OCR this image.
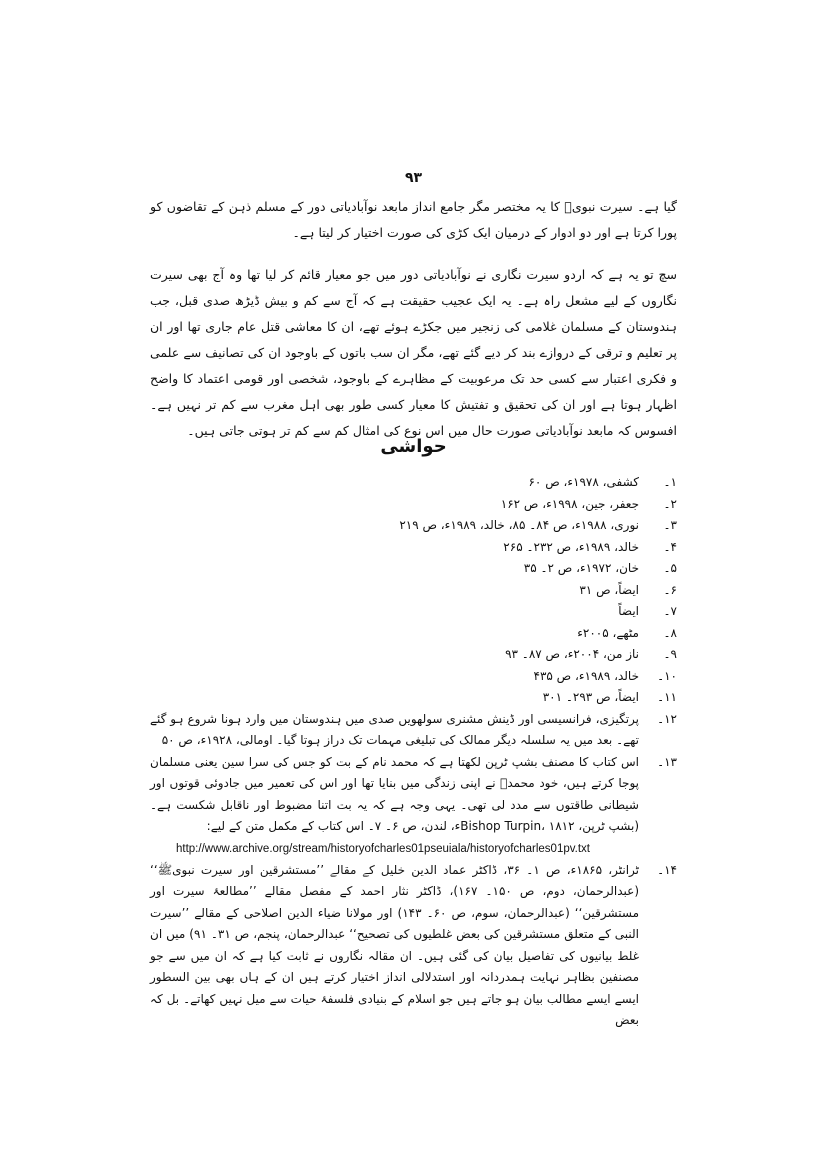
۹۳

گیا ہے۔ سیرت نبویؐ کا یہ مختصر مگر جامع انداز مابعد نوآبادیاتی دور کے مسلم ذہن کے تقاضوں کو پورا کرتا ہے اور دو ادوار کے درمیان ایک کڑی کی صورت اختیار کر لیتا ہے۔

سچ تو یہ ہے کہ اردو سیرت نگاری نے نوآبادیاتی دور میں جو معیار قائم کر لیا تھا وہ آج بھی سیرت نگاروں کے لیے مشعل راہ ہے۔ یہ ایک عجیب حقیقت ہے کہ آج سے کم و بیش ڈیڑھ صدی قبل، جب ہندوستان کے مسلمان غلامی کی زنجیر میں جکڑے ہوئے تھے، ان کا معاشی قتل عام جاری تھا اور ان پر تعلیم و ترقی کے دروازے بند کر دیے گئے تھے، مگر ان سب باتوں کے باوجود ان کی تصانیف سے علمی و فکری اعتبار سے کسی حد تک مرعوبیت کے مظاہرے کے باوجود، شخصی اور قومی اعتماد کا واضح اظہار ہوتا ہے اور ان کی تحقیق و تفتیش کا معیار کسی طور بھی اہل مغرب سے کم تر نہیں ہے۔ افسوس کہ مابعد نوآبادیاتی صورت حال میں اس نوع کی امثال کم سے کم تر ہوتی جاتی ہیں۔

حواشی
۱۔
کشفی، ۱۹۷۸ء، ص ۶۰
۲۔
جعفر، جین، ۱۹۹۸ء، ص ۱۶۲
۳۔
نوری، ۱۹۸۸ء، ص ۸۴۔ ۸۵، خالد، ۱۹۸۹ء، ص ۲۱۹
۴۔
خالد، ۱۹۸۹ء، ص ۲۳۲۔ ۲۶۵
۵۔
خان، ۱۹۷۲ء، ص ۲۔ ۳۵
۶۔
ایضاً، ص ۳۱
۷۔
ایضاً
۸۔
مٹھے، ۲۰۰۵ء
۹۔
ناز من، ۲۰۰۴ء، ص ۸۷۔ ۹۳
۱۰۔
خالد، ۱۹۸۹ء، ص ۴۳۵
۱۱۔
ایضاً، ص ۲۹۳۔ ۳۰۱
۱۲۔
پرتگیزی، فرانسیسی اور ڈینش مشنری سولھویں صدی میں ہندوستان میں وارد ہونا شروع ہو گئے تھے۔ بعد میں یہ سلسلہ دیگر ممالک کی تبلیغی مہمات تک دراز ہوتا گیا۔ اومالی، ۱۹۲۸ء، ص ۵۰
۱۳۔
اس کتاب کا مصنف بشپ ٹرپن لکھتا ہے کہ محمد نام کے بت کو جس کی سرا سین یعنی مسلمان پوجا کرتے ہیں، خود محمدؐ نے اپنی زندگی میں بنایا تھا اور اس کی تعمیر میں جادوئی قوتوں اور شیطانی طاقتوں سے مدد لی تھی۔ یہی وجہ ہے کہ یہ بت اتنا مضبوط اور ناقابل شکست ہے۔ (بشپ ٹرپن، Bishop Turpin، ۱۸۱۲ء، لندن، ص ۶۔ ۷۔ اس کتاب کے مکمل متن کے لیے:
http://www.archive.org/stream/historyofcharles01pseuiala/historyofcharles01pv.txt
۱۴۔
ٹرانٹر، ۱۸۶۵ء، ص ۱۔ ۳۶، ڈاکٹر عماد الدین خلیل کے مقالے ’’مستشرقین اور سیرت نبویﷺ‘‘ (عبدالرحمان، دوم، ص ۱۵۰۔ ۱۶۷)، ڈاکٹر نثار احمد کے مفصل مقالے ’’مطالعۂ سیرت اور مستشرقین‘‘ (عبدالرحمان، سوم، ص ۶۰۔ ۱۴۳) اور مولانا ضیاء الدین اصلاحی کے مقالے ’’سیرت النبی کے متعلق مستشرقین کی بعض غلطیوں کی تصحیح‘‘ عبدالرحمان، پنجم، ص ۳۱۔ ۹۱) میں ان غلط بیانیوں کی تفاصیل بیان کی گئی ہیں۔ ان مقالہ نگاروں نے ثابت کیا ہے کہ ان میں سے جو مصنفین بظاہر نہایت ہمدردانہ اور استدلالی انداز اختیار کرتے ہیں ان کے ہاں بھی بین السطور ایسے ایسے مطالب بیان ہو جاتے ہیں جو اسلام کے بنیادی فلسفۂ حیات سے میل نہیں کھاتے۔ بل کہ بعض
